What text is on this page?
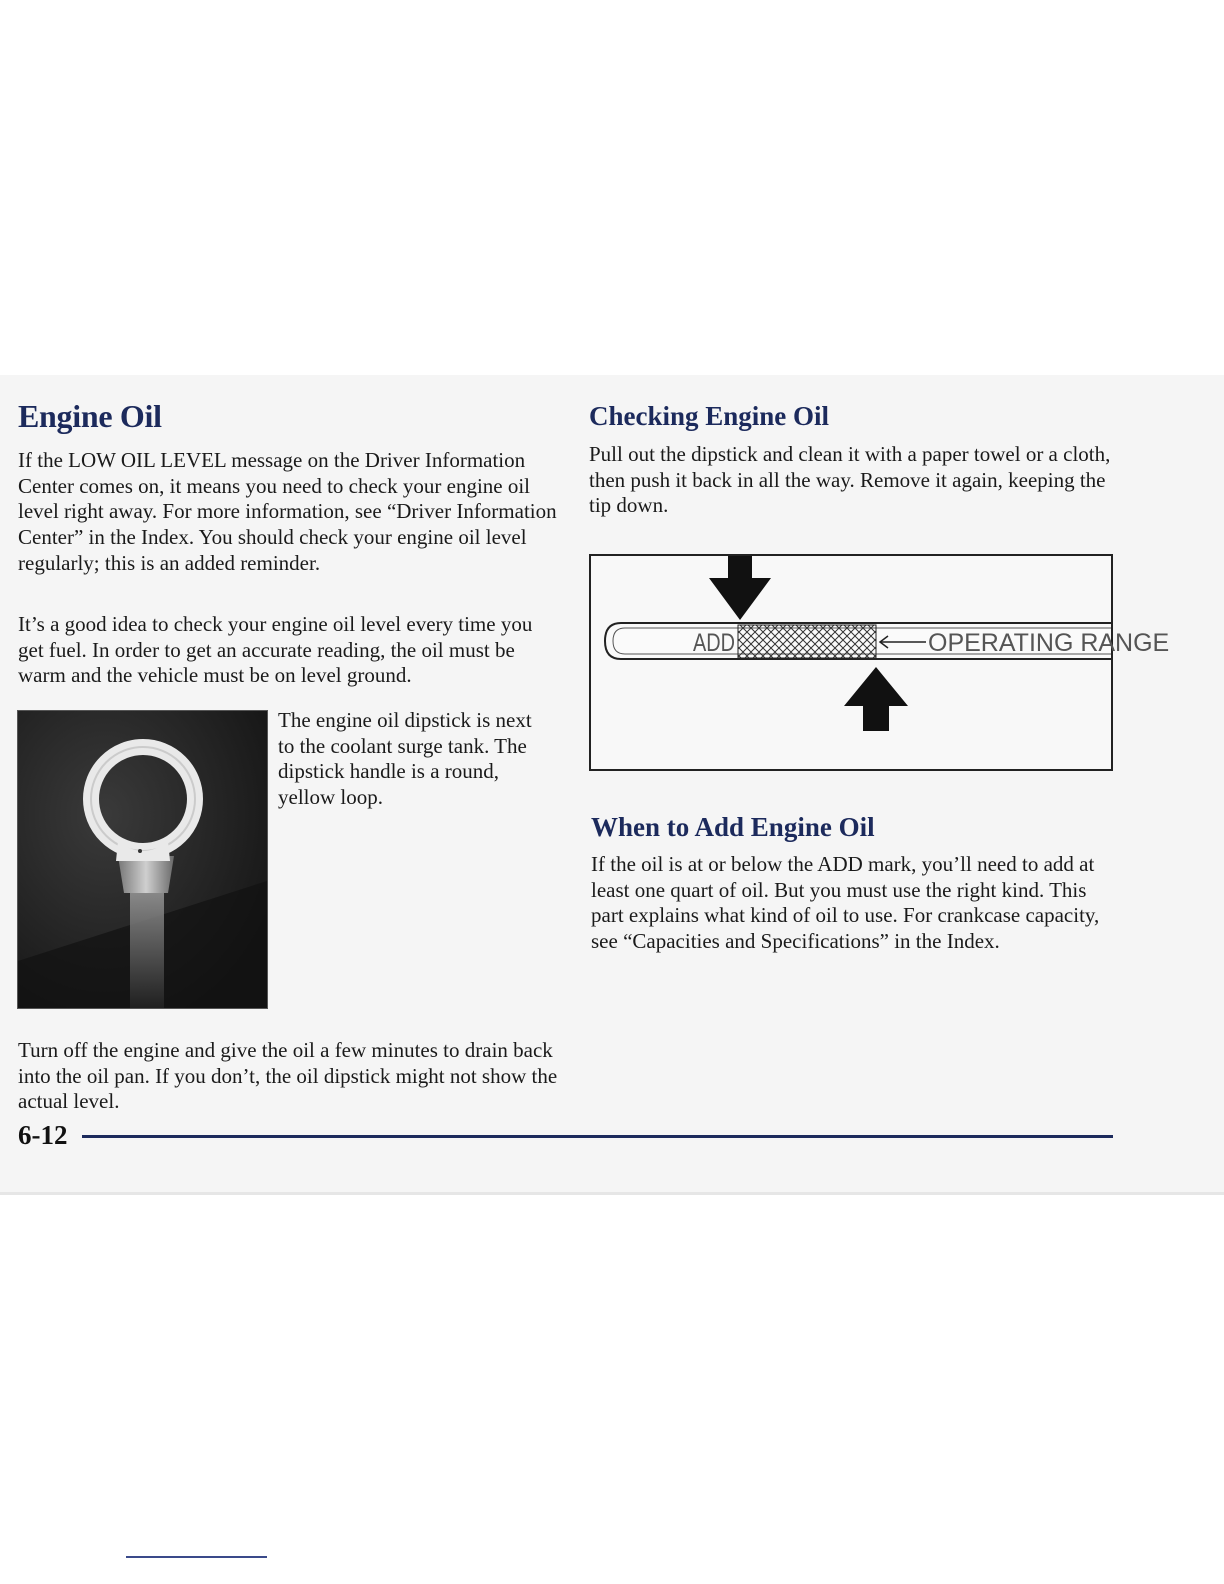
Engine Oil

If the LOW OIL LEVEL message on the Driver Information Center comes on, it means you need to check your engine oil level right away. For more information, see “Driver Information Center” in the Index. You should check your engine oil level regularly; this is an added reminder.

It’s a good idea to check your engine oil level every time you get fuel. In order to get an accurate reading, the oil must be warm and the vehicle must be on level ground.

The engine oil dipstick is next to the coolant surge tank. The dipstick handle is a round, yellow loop.

Turn off the engine and give the oil a few minutes to drain back into the oil pan. If you don’t, the oil dipstick might not show the actual level.

Checking Engine Oil

Pull out the dipstick and clean it with a paper towel or a cloth, then push it back in all the way. Remove it again, keeping the tip down.

ADD	OPERATING RANGE
When to Add Engine Oil

If the oil is at or below the ADD mark, you’ll need to add at least one quart of oil. But you must use the right kind. This part explains what kind of oil to use. For crankcase capacity, see “Capacities and Specifications” in the Index.

6-12
